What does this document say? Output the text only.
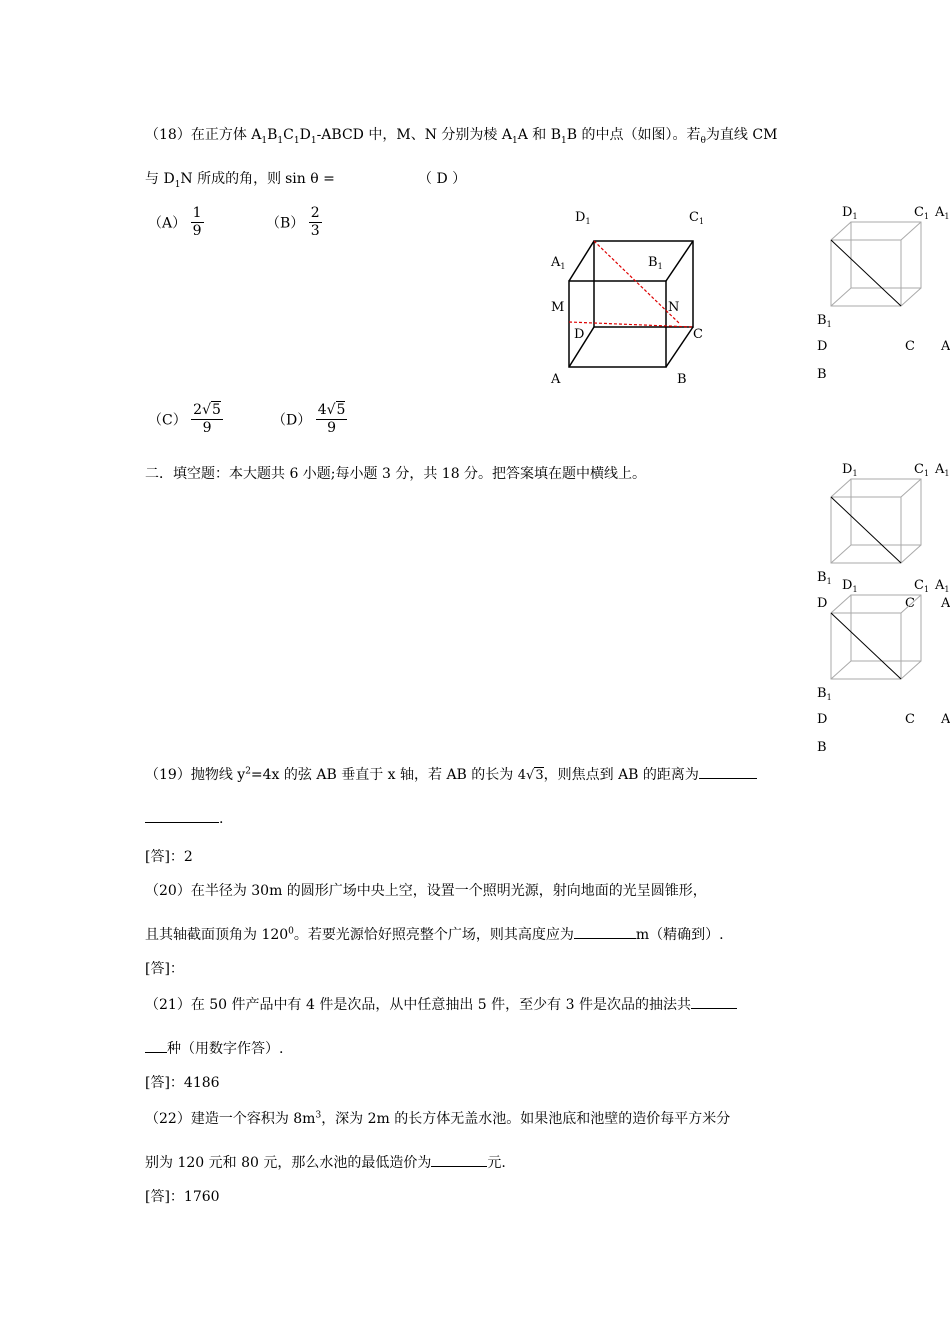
（18）在正方体 $A_1B_1C_1D_1$-ABCD 中，M、N 分别为棱 $A_1A$ 和 $B_1B$ 的中点（如图）。若$_\theta$为直线 CM
与 $D_1N$ 所成的角，则 sin θ =	（ D ）
$(A) \frac{1}{9}$	$(B) \frac{2}{3}$
$(C) \frac{2√5}{9}$	$(D) \frac{4√5}{9}$
$D_1$	$C_1$
$A_1$	$B_1$
M	N
D	C
A	B
$D_1$	$C_1$ $A_1$
$B_1$
D	C A
B
$D_1$	$C_1$ $A_1$
$B_1$
D	C A
$D_1$	$C_1$ $A_1$
$B_1$
D	C A
B
二．填空题：本大题共 6 小题;每小题 3 分，共 18 分。把答案填在题中横线上。
（19）抛物线 $y^2=4x$ 的弦 AB 垂直于 x 轴，若 AB 的长为 4√3，则焦点到 AB 的距离为
.
[答]：2
（20）在半径为 30m 的圆形广场中央上空，设置一个照明光源，射向地面的光呈圆锥形，
且其轴截面顶角为 $120^0$。若要光源恰好照亮整个广场，则其高度应为	m（精确到）.
[答]：
（21）在 50 件产品中有 4 件是次品，从中任意抽出 5 件，至少有 3 件是次品的抽法共
种（用数字作答）.
[答]：4186
（22）建造一个容积为 $8m^3$，深为 2m 的长方体无盖水池。如果池底和池壁的造价每平方米分
别为 120 元和 80 元，那么水池的最低造价为	元.
[答]：1760
